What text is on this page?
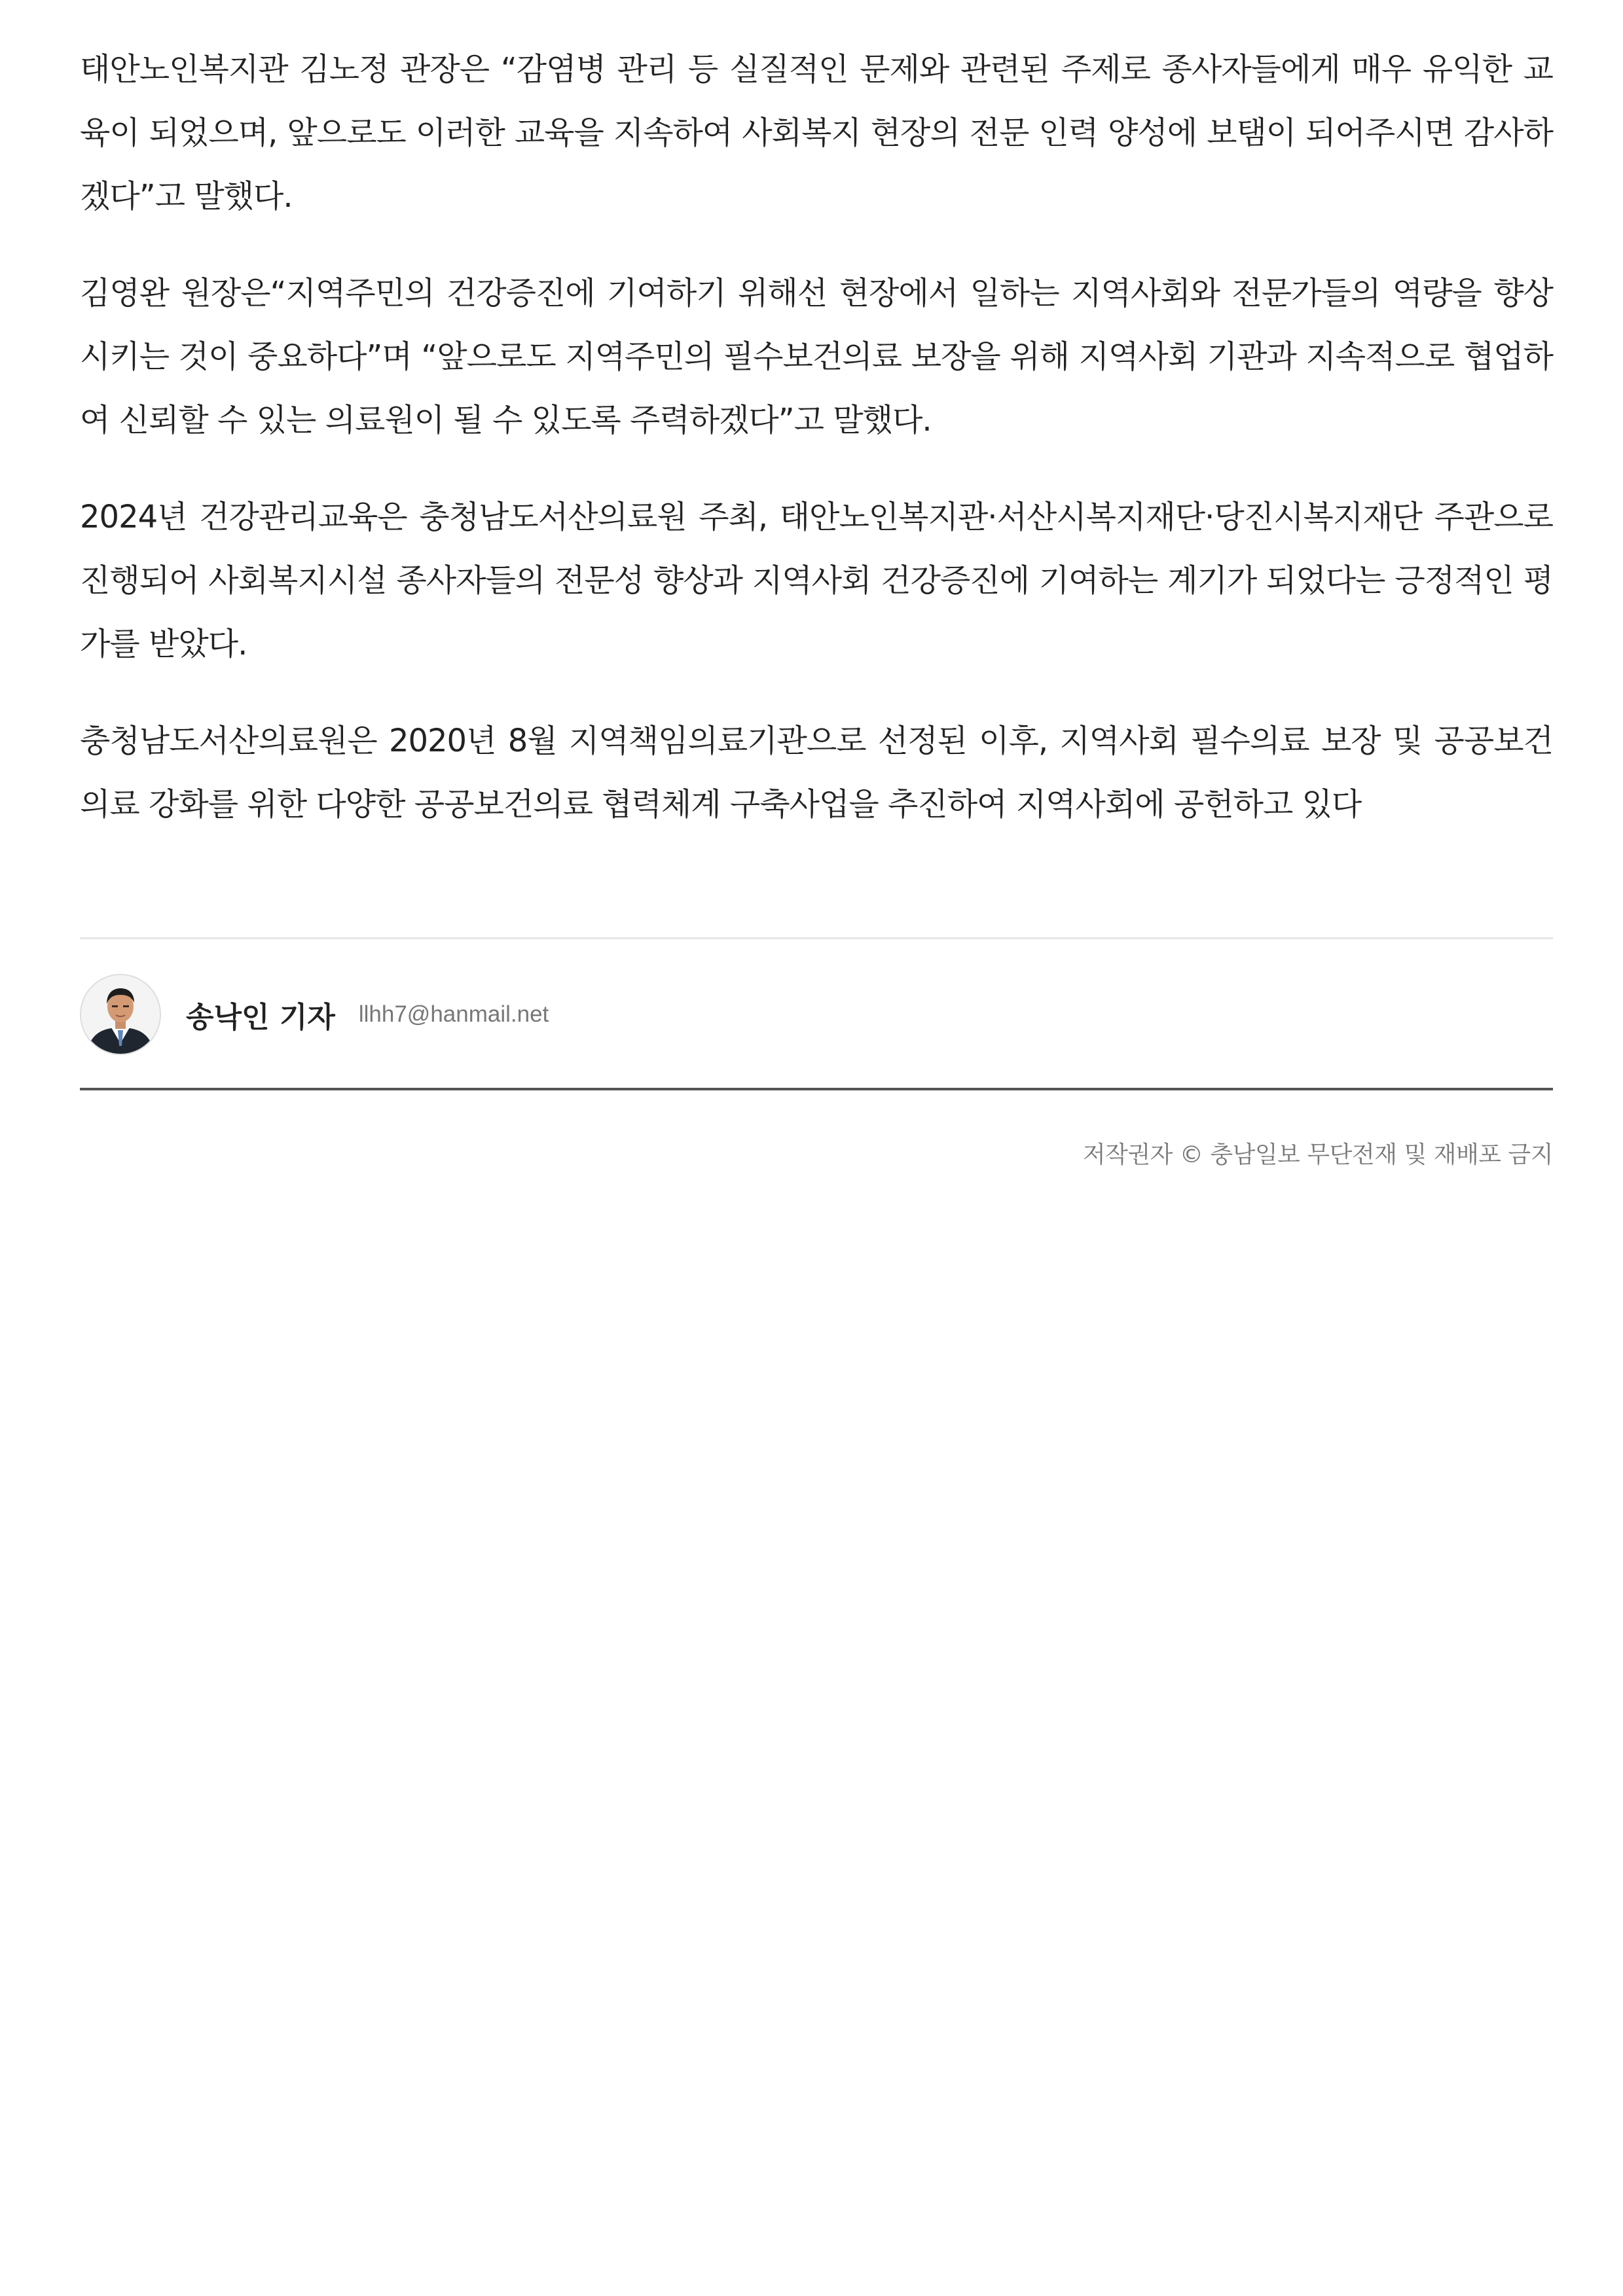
태안노인복지관 김노정 관장은 “감염병 관리 등 실질적인 문제와 관련된 주제로 종사자들에게 매우 유익한 교육이 되었으며, 앞으로도 이러한 교육을 지속하여 사회복지 현장의 전문 인력 양성에 보탬이 되어주시면 감사하겠다”고 말했다.

김영완 원장은“지역주민의 건강증진에 기여하기 위해선 현장에서 일하는 지역사회와 전문가들의 역량을 향상시키는 것이 중요하다”며 “앞으로도 지역주민의 필수보건의료 보장을 위해 지역사회 기관과 지속적으로 협업하여 신뢰할 수 있는 의료원이 될 수 있도록 주력하겠다”고 말했다.

2024년 건강관리교육은 충청남도서산의료원 주최, 태안노인복지관·서산시복지재단·당진시복지재단 주관으로 진행되어 사회복지시설 종사자들의 전문성 향상과 지역사회 건강증진에 기여하는 계기가 되었다는 긍정적인 평가를 받았다.

충청남도서산의료원은 2020년 8월 지역책임의료기관으로 선정된 이후, 지역사회 필수의료 보장 및 공공보건의료 강화를 위한 다양한 공공보건의료 협력체계 구축사업을 추진하여 지역사회에 공헌하고 있다

송낙인 기자 llhh7@hanmail.net
저작권자 © 충남일보 무단전재 및 재배포 금지
